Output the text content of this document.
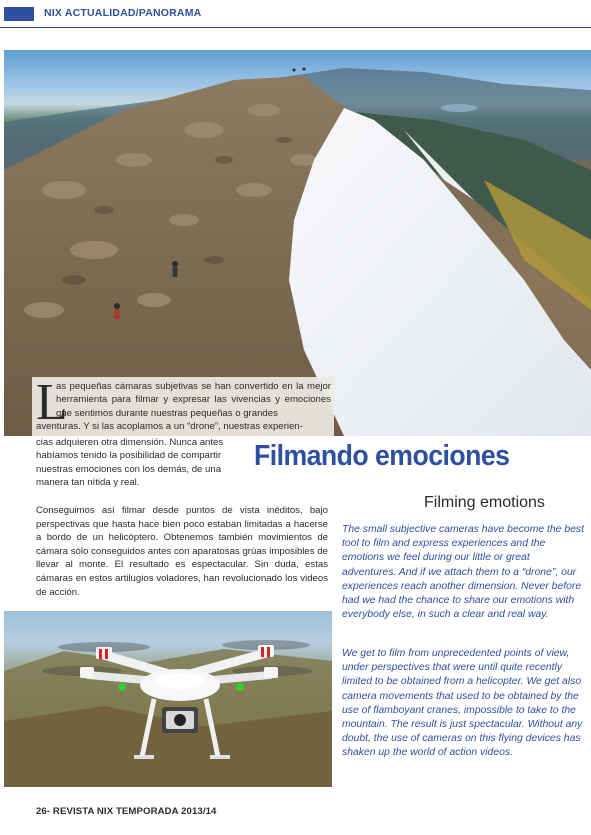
NIX ACTUALIDAD/PANORAMA
L
as pequeñas cámaras subjetivas se han convertido en la mejor herramienta para filmar y expresar las vivencias y emociones que sentimos durante nuestras pequeñas o grandes
aventuras. Y si las acoplamos a un “drone”, nuestras experien-
cias adquieren otra dimensión. Nunca antes habíamos tenido la posibilidad de compartir nuestras emociones con los demás, de una manera tan nítida y real.
Filmando emociones
Conseguimos así filmar desde puntos de vista inéditos, bajo perspectivas que hasta hace bien poco estaban limitadas a hacerse a bordo de un helicóptero. Obtenemos también movimientos de cámara sólo conseguidos antes con aparatosas grúas imposibles de llevar al monte. El resultado es espectacular. Sin duda, estas cámaras en estos artilugios voladores, han revolucionado los videos de acción.
Filming emotions
The small subjective cameras have become the best tool to film and express experiences and the emotions we feel during our little or great adventures. And if we attach them to a “drone”, our experiences reach another dimension. Never before had we had the chance to share our emotions with everybody else, in such a clear and real way.
We get to film from unprecedented points of view, under perspectives that were until quite recently limited to be obtained from a helicopter. We get also camera movements that used to be obtained by the use of flamboyant cranes, impossible to take to the mountain. The result is just spectacular. Without any doubt, the use of cameras on this flying devices has shaken up the world of action videos.
26- REVISTA NIX TEMPORADA 2013/14
